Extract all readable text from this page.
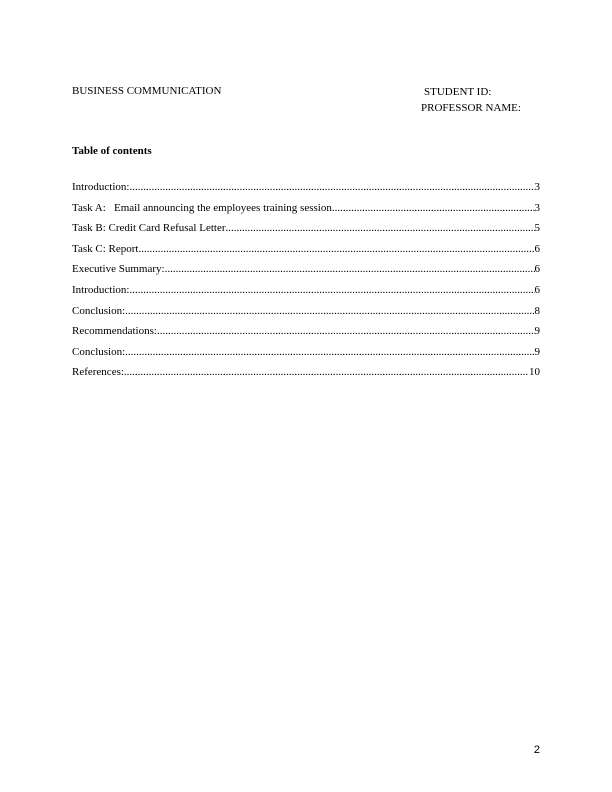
BUSINESS COMMUNICATION	STUDENT ID:
PROFESSOR NAME:
Table of contents
Introduction: .....	3
Task A:   Email announcing the employees training session .....	3
Task B: Credit Card Refusal Letter .....	5
Task C: Report .....	6
Executive Summary: .....	6
Introduction: .....	6
Conclusion: .....	8
Recommendations: .....	9
Conclusion: .....	9
References: .....	10
2
